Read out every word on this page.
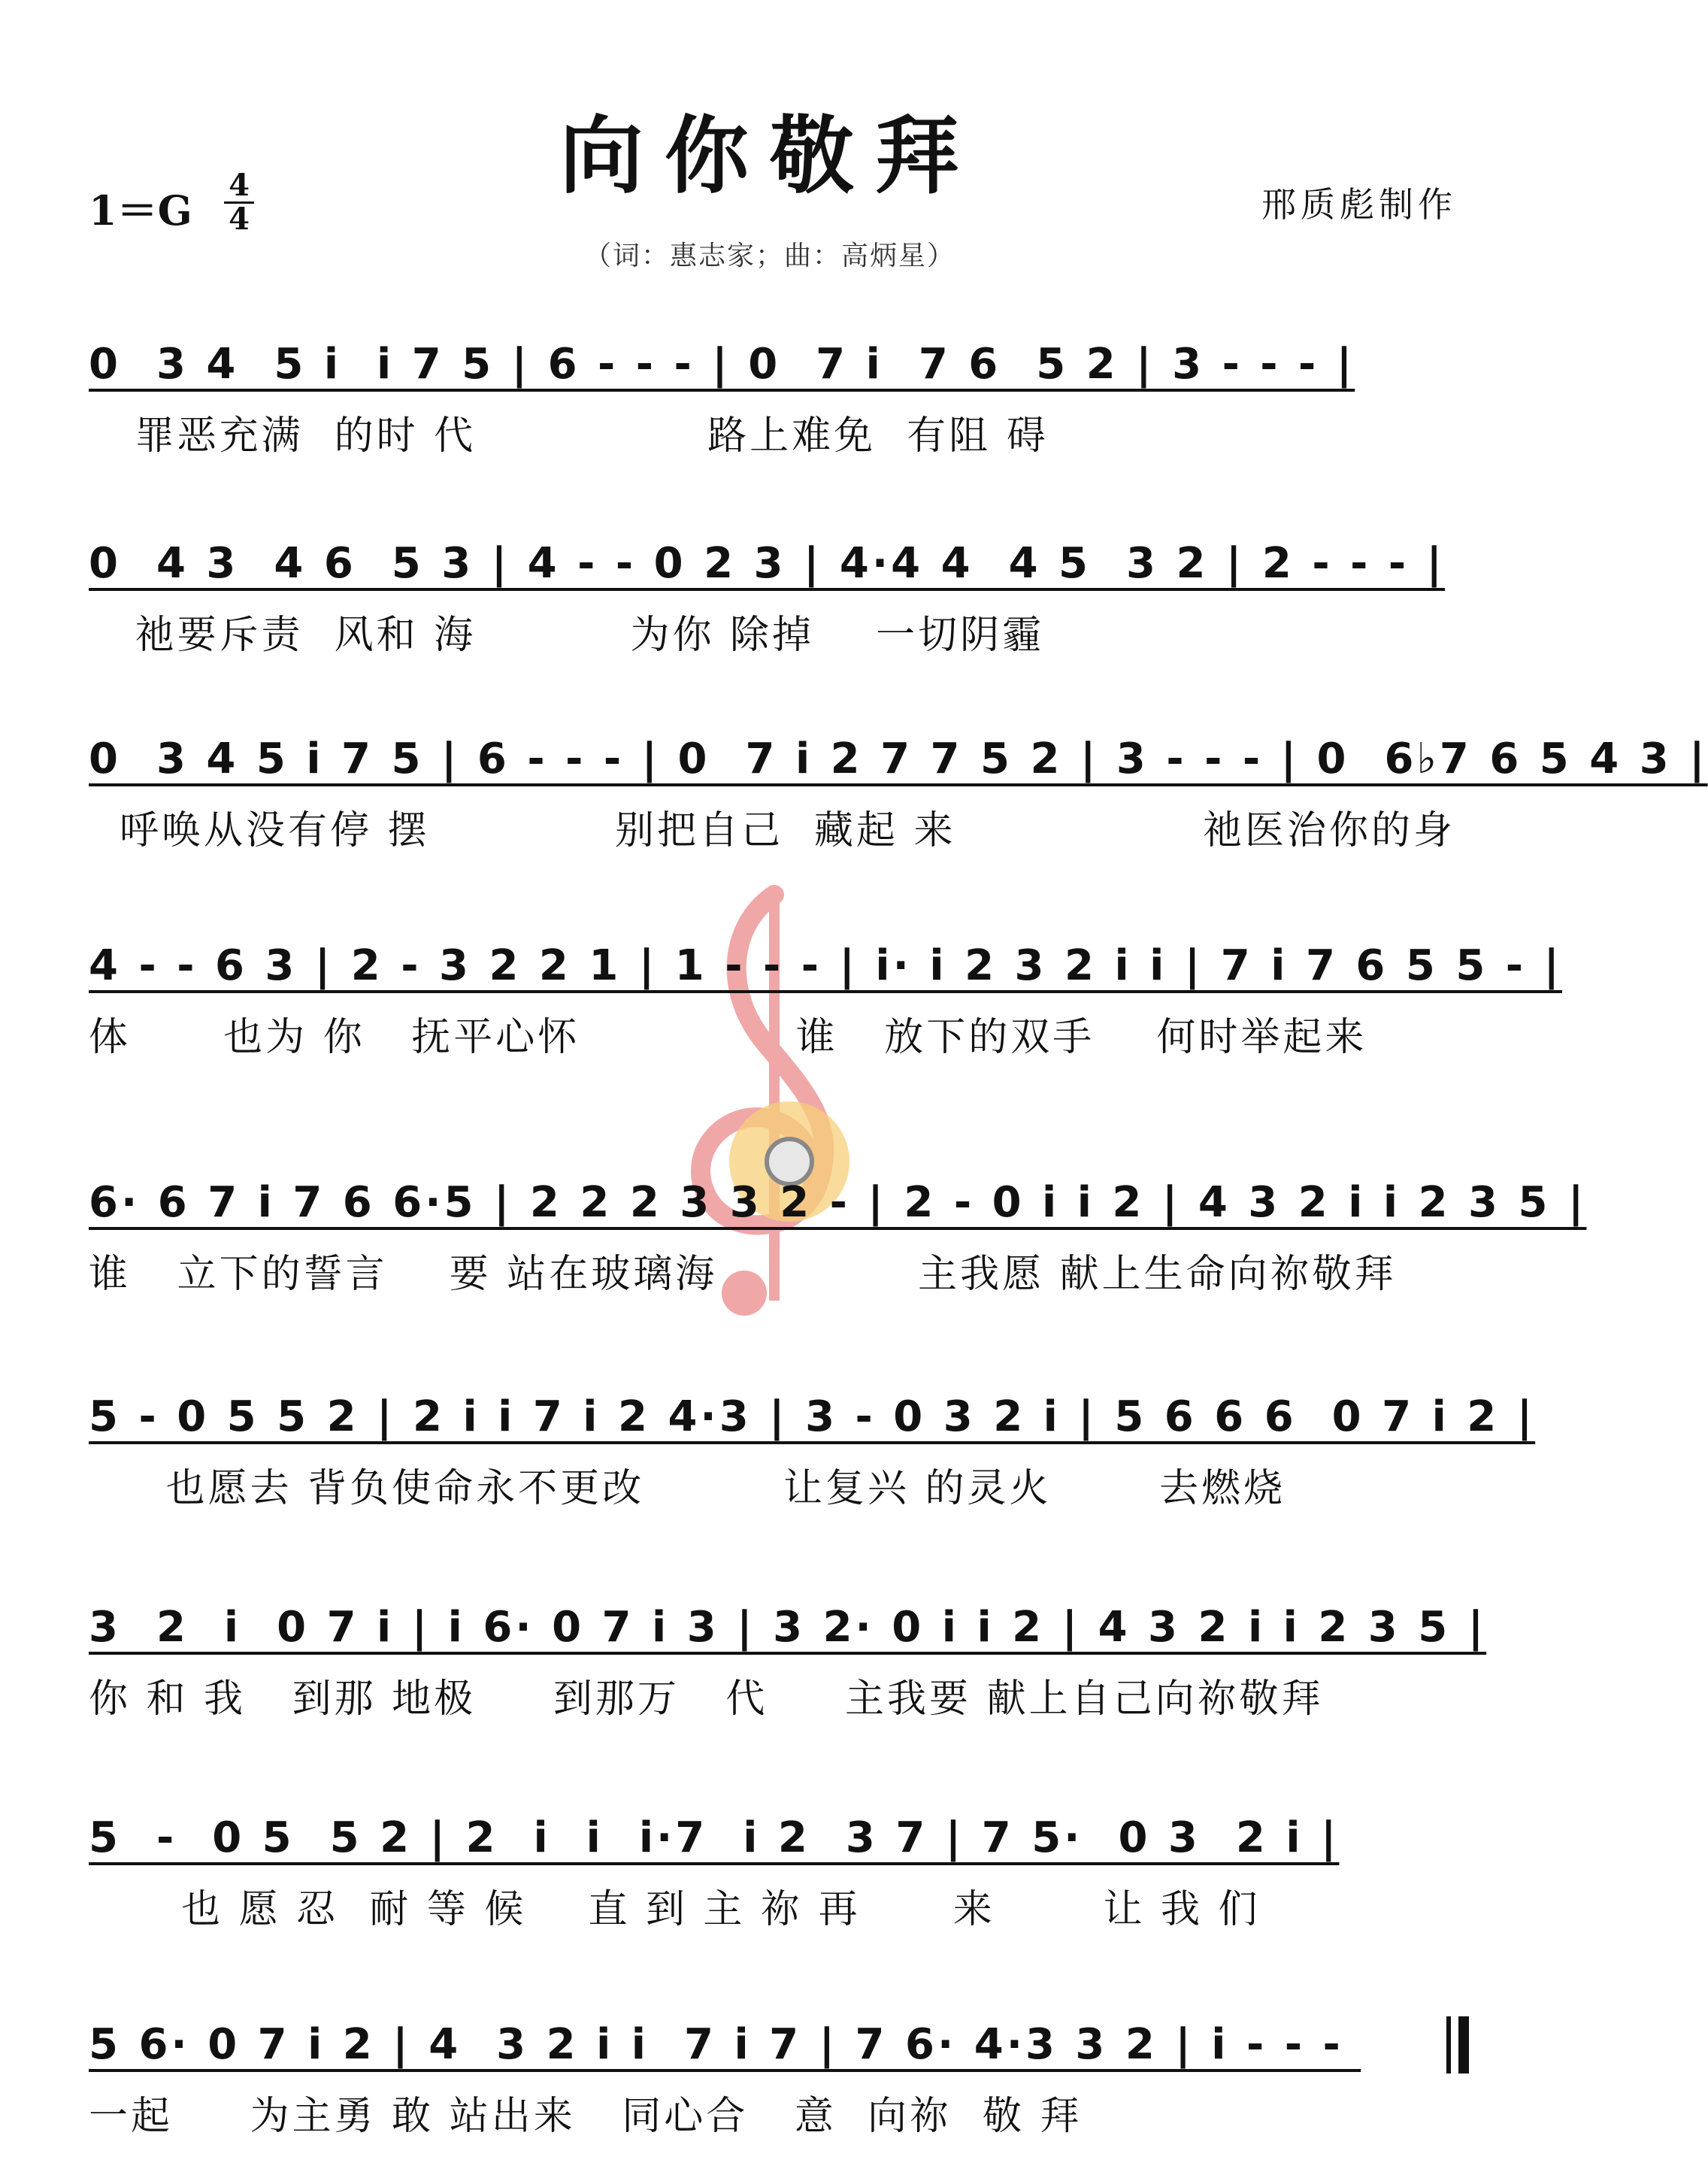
向你敬拜
1＝G
4
4	邢质彪制作
（词：惠志家；曲：高炳星）
0  3 4  5 i  i 7 5 | 6 - - - | 0  7 i  7 6  5 2 | 3 - - - |
罪恶充满  的时 代               路上难免  有阻 碍
0  4 3  4 6  5 3 | 4 - - 0 2 3 | 4·4 4  4 5  3 2 | 2 - - - |
祂要斥责  风和 海          为你 除掉    一切阴霾
0  3 4 5 i 7 5 | 6 - - - | 0  7 i 2 7 7 5 2 | 3 - - - | 0  6♭7 6 5 4 3 |
呼唤从没有停 摆            别把自己  藏起 来                祂医治你的身
4 - - 6 3 | 2 - 3 2 2 1 | 1 - - - | i· i 2 3 2 i i | 7 i 7 6 5 5 - |
体      也为 你   抚平心怀              谁   放下的双手    何时举起来
6· 6 7 i 7 6 6·5 | 2 2 2 3 3 2 - | 2 - 0 i i 2 | 4 3 2 i i 2 3 5 |
谁   立下的誓言    要 站在玻璃海             主我愿 献上生命向祢敬拜
5 - 0 5 5 2 | 2 i i 7 i 2 4·3 | 3 - 0 3 2 i | 5 6 6 6  0 7 i 2 |
也愿去 背负使命永不更改         让复兴 的灵火       去燃烧
3  2  i  0 7 i | i 6· 0 7 i 3 | 3 2· 0 i i 2 | 4 3 2 i i 2 3 5 |
你 和 我   到那 地极     到那万   代     主我要 献上自己向祢敬拜
5  -  0 5  5 2 | 2  i  i  i·7  i 2  3 7 | 7 5·  0 3  2 i |
也 愿 忍  耐 等 候    直 到 主 祢 再      来       让 我 们
5 6· 0 7 i 2 | 4  3 2 i i  7 i 7 | 7 6· 4·3 3 2 | i - - -
一起     为主勇 敢 站出来   同心合   意  向祢  敬 拜
